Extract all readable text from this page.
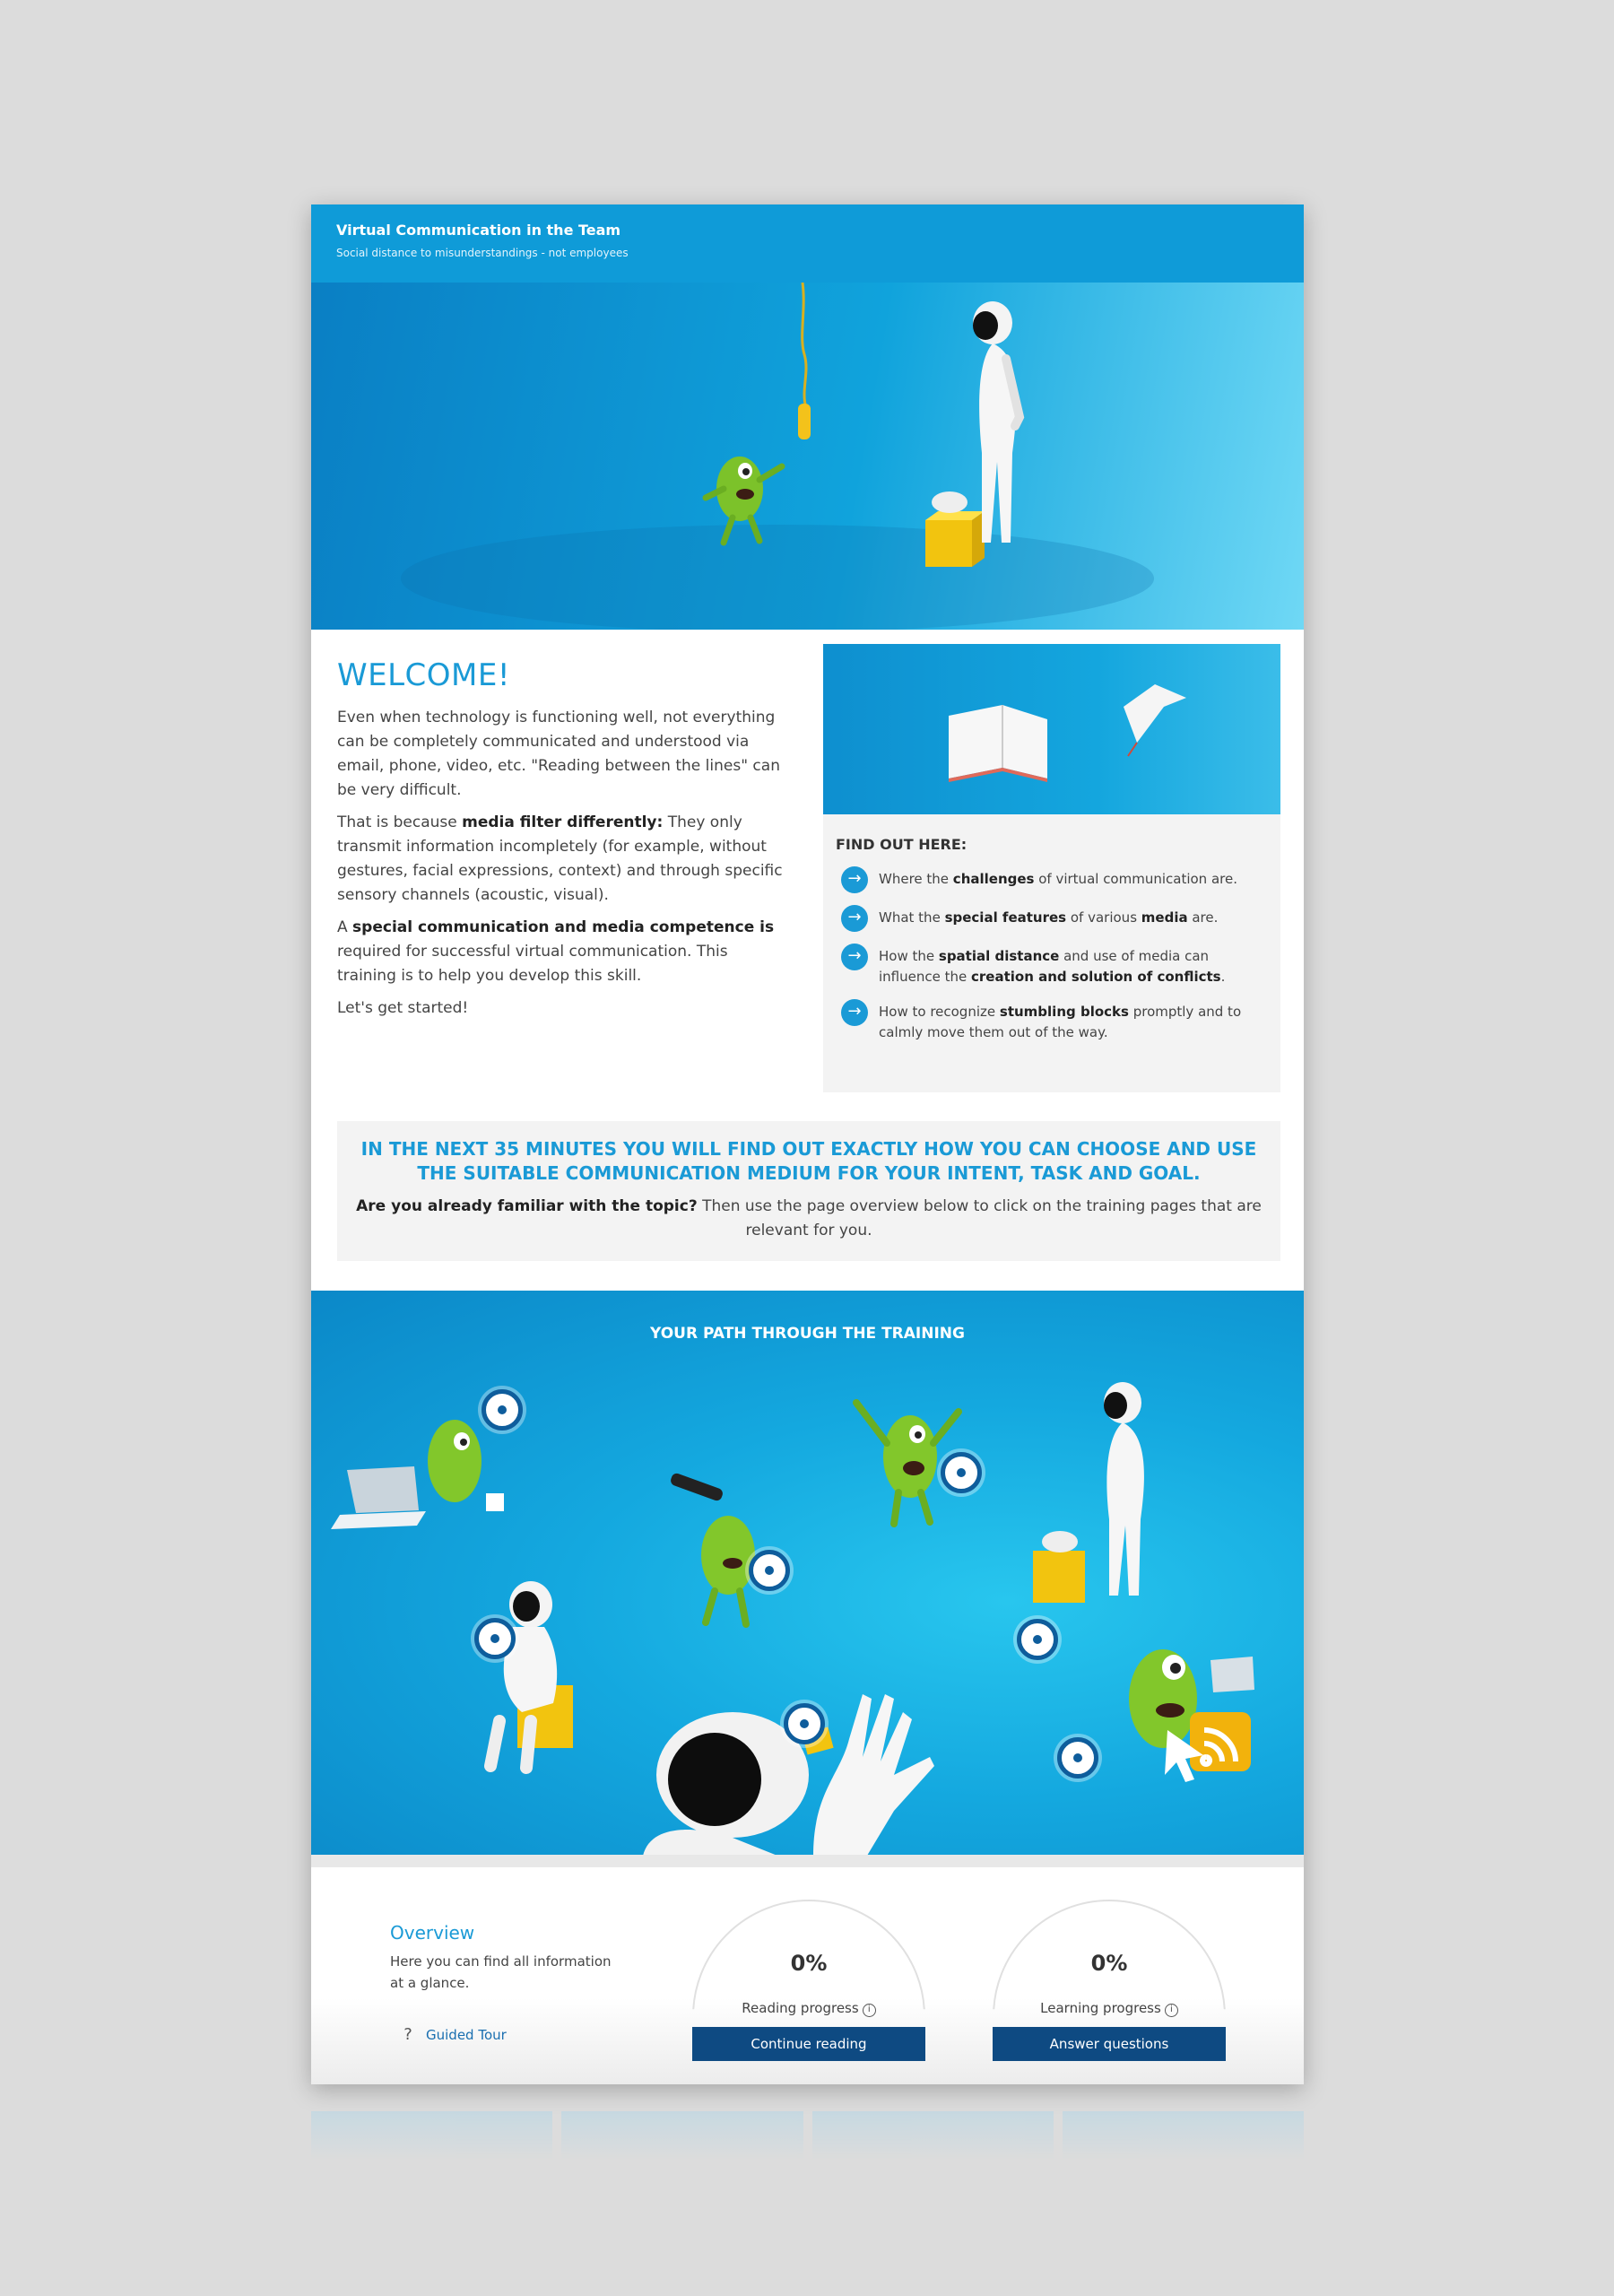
Virtual Communication in the Team
Social distance to misunderstandings - not employees
WELCOME!

Even when technology is functioning well, not everything can be completely communicated and understood via email, phone, video, etc. "Reading between the lines" can be very difficult.

That is because media filter differently: They only transmit information incompletely (for example, without gestures, facial expressions, context) and through specific sensory channels (acoustic, visual).

A special communication and media competence is required for successful virtual communication. This training is to help you develop this skill.

Let's get started!

FIND OUT HERE:
→	Where the challenges of virtual communication are.
→	What the special features of various media are.
→	How the spatial distance and use of media can influence the creation and solution of conflicts.
→	How to recognize stumbling blocks promptly and to calmly move them out of the way.
IN THE NEXT 35 MINUTES YOU WILL FIND OUT EXACTLY HOW YOU CAN CHOOSE AND USE THE SUITABLE COMMUNICATION MEDIUM FOR YOUR INTENT, TASK AND GOAL.
Are you already familiar with the topic? Then use the page overview below to click on the training pages that are relevant for you.
YOUR PATH THROUGH THE TRAINING
Overview
Here you can find all information at a glance.
?	Guided Tour
0%
Reading progress i
Continue reading
0%
Learning progress i
Answer questions
